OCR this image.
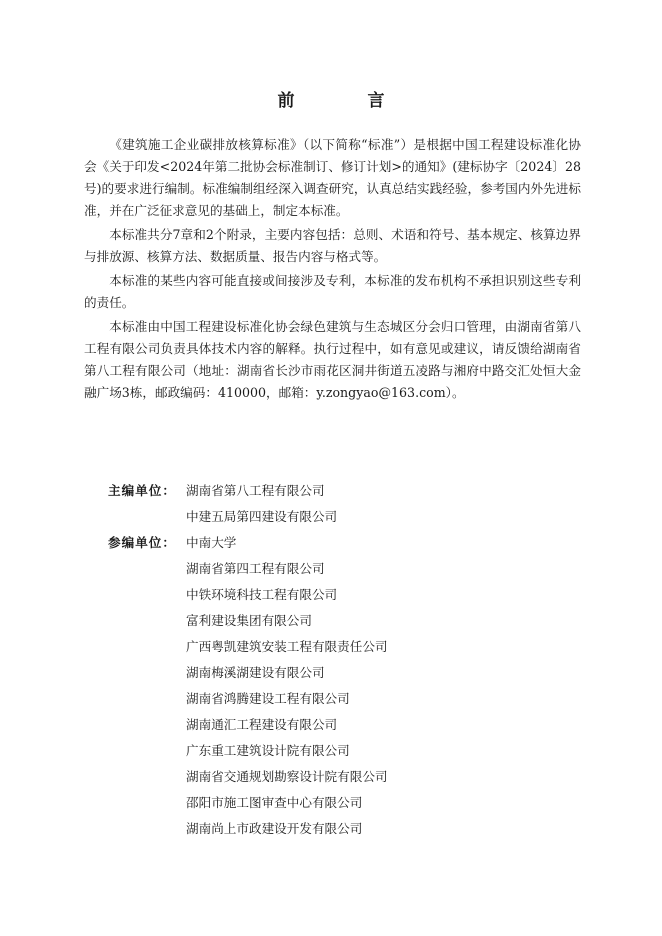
前　言

《建筑施工企业碳排放核算标准》（以下简称“标准”）是根据中国工程建设标准化协会《关于印发<2024年第二批协会标准制订、修订计划>的通知》(建标协字〔2024〕28号)的要求进行编制。标准编制组经深入调查研究，认真总结实践经验，参考国内外先进标准，并在广泛征求意见的基础上，制定本标准。

本标准共分7章和2个附录，主要内容包括：总则、术语和符号、基本规定、核算边界与排放源、核算方法、数据质量、报告内容与格式等。

本标准的某些内容可能直接或间接涉及专利，本标准的发布机构不承担识别这些专利的责任。

本标准由中国工程建设标准化协会绿色建筑与生态城区分会归口管理，由湖南省第八工程有限公司负责具体技术内容的解释。执行过程中，如有意见或建议，请反馈给湖南省第八工程有限公司（地址：湖南省长沙市雨花区洞井街道五凌路与湘府中路交汇处恒大金融广场3栋，邮政编码：410000，邮箱：y.zongyao@163.com）。

主编单位： 湖南省第八工程有限公司
中建五局第四建设有限公司
参编单位： 中南大学
湖南省第四工程有限公司
中铁环境科技工程有限公司
富利建设集团有限公司
广西粤凯建筑安装工程有限责任公司
湖南梅溪湖建设有限公司
湖南省鸿腾建设工程有限公司
湖南通汇工程建设有限公司
广东重工建筑设计院有限公司
湖南省交通规划勘察设计院有限公司
邵阳市施工图审查中心有限公司
湖南尚上市政建设开发有限公司
